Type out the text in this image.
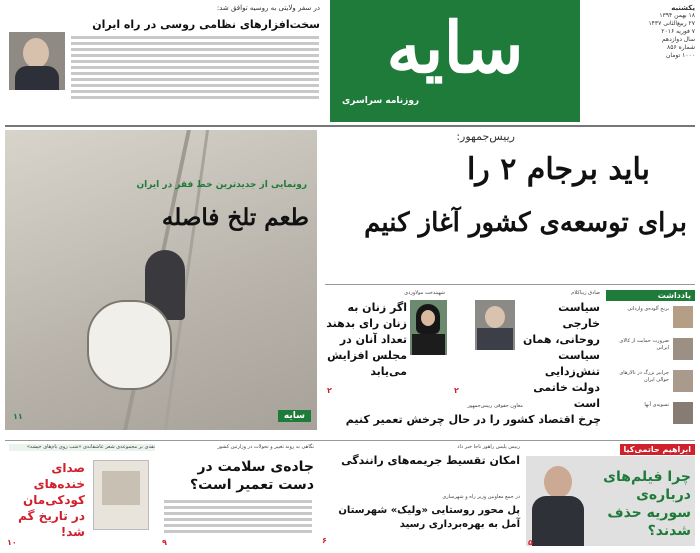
یکشنبه
۱۸ بهمن ۱۳۹۴
۲۷ ربیع‌الثانی ۱۴۳۷
۷ فوریه ۲۰۱۶
سال دوازدهم
شماره ۸۵۶
۱۰۰۰ تومان
سایه
روزنامه سراسری
در سفر ولایتی به روسیه توافق شد:
سخت‌افزارهای نظامی روسی در راه ایران
رونمایی از جدیدترین خط فقر در ایران
طعم تلخ فاصله
۱۱	سایه
رییس‌جمهور:
باید برجام ۲ را
برای توسعه‌ی کشور آغاز کنیم
صادق زیباکلام
سیاست خارجی روحانی، همان سیاست تنش‌زدایی دولت خاتمی است
۲
شهیندخت مولاوردی
اگر زنان به زنان رای بدهند تعداد آنان در مجلس افزایش می‌یابد
۲
یادداشت
برنج آلوده‌ی وارداتی
ضرورت حمایت از کالای ایرانی
چرا‌ببر بزرگ در تالارهای حوالی ایران
تسویه‌ی آنها
معاون حقوقی رییس‌جمهور
چرخ اقتصاد کشور را در حال چرخش تعمیر کنیم
رییس پلیس راهور ناجا خبر داد
امکان تقسیط جریمه‌های رانندگی
در جمع معاونین وزیر راه و شهرسازی
پل محور روستایی «ولیک» شهرستان آمل به بهره‌برداری رسید
۶
نگاهی به روند تغییر و تحولات در وزارتین کشور
جاده‌ی سلامت در دست تعمیر است؟
۹
نقدی بر مجموعه‌ی شعر عاشقانه‌ی «شب روی بام‌های خیشه»
صدای خنده‌های کودکی‌مان در تاریخ گم شد!
۱۰
ابراهیم حاتمی‌کیا
چرا فیلم‌های درباره‌ی سوریه حذف شدند؟
۵
